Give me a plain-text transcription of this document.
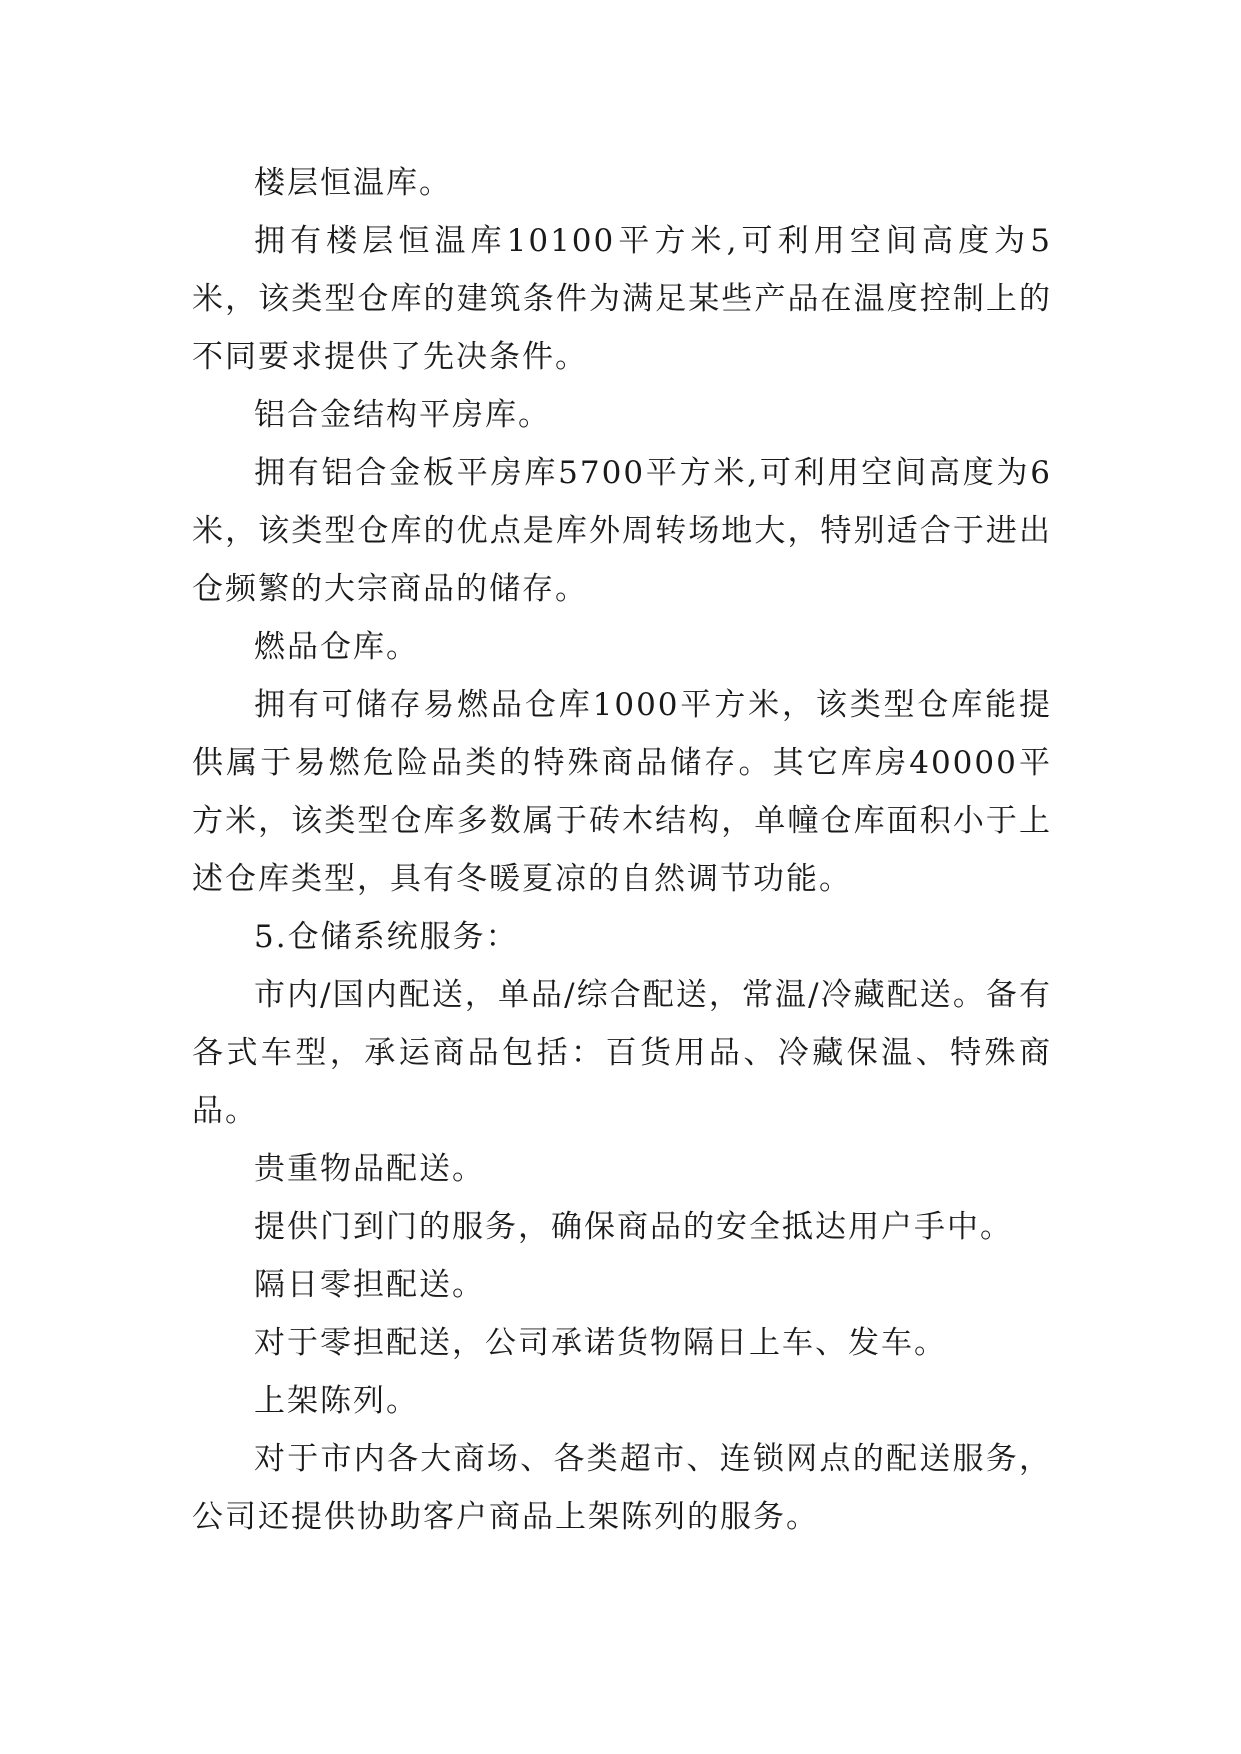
楼层恒温库。

拥有楼层恒温库10100平方米,可利用空间高度为5米，该类型仓库的建筑条件为满足某些产品在温度控制上的不同要求提供了先决条件。

铝合金结构平房库。

拥有铝合金板平房库5700平方米,可利用空间高度为6米，该类型仓库的优点是库外周转场地大，特别适合于进出仓频繁的大宗商品的储存。

燃品仓库。

拥有可储存易燃品仓库1000平方米，该类型仓库能提供属于易燃危险品类的特殊商品储存。其它库房40000平方米，该类型仓库多数属于砖木结构，单幢仓库面积小于上述仓库类型，具有冬暖夏凉的自然调节功能。

5.仓储系统服务：

市内/国内配送，单品/综合配送，常温/冷藏配送。备有各式车型，承运商品包括：百货用品、冷藏保温、特殊商品。

贵重物品配送。

提供门到门的服务，确保商品的安全抵达用户手中。

隔日零担配送。

对于零担配送，公司承诺货物隔日上车、发车。

上架陈列。

对于市内各大商场、各类超市、连锁网点的配送服务，公司还提供协助客户商品上架陈列的服务。
